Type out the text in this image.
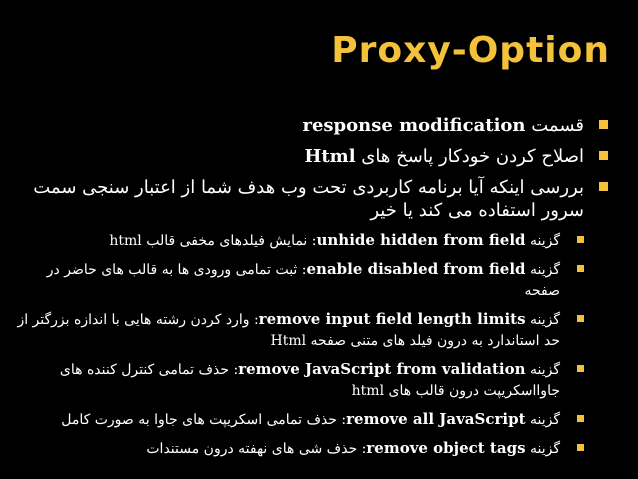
Proxy-Option
قسمت response modification
اصلاح کردن خودکار پاسخ های Html
بررسی اینکه آیا برنامه کاربردی تحت وب هدف شما از اعتبار سنجی سمت سرور استفاده می کند یا خیر
گزینه unhide hidden from field: نمایش فیلدهای مخفی قالب html
گزینه enable disabled from field: ثبت تمامی ورودی ها به قالب های حاضر در صفحه
گزینه remove input field length limits: وارد کردن رشته هایی با اندازه بزرگتر از حد استاندارد به درون فیلد های متنی صفحه Html
گزینه remove JavaScript from validation: حذف تمامی کنترل کننده های جاوااسکریپت درون قالب های html
گزینه remove all JavaScript: حذف تمامی اسکریپت های جاوا به صورت کامل
گزینه remove object tags: حذف شی های نهفته درون مستندات
